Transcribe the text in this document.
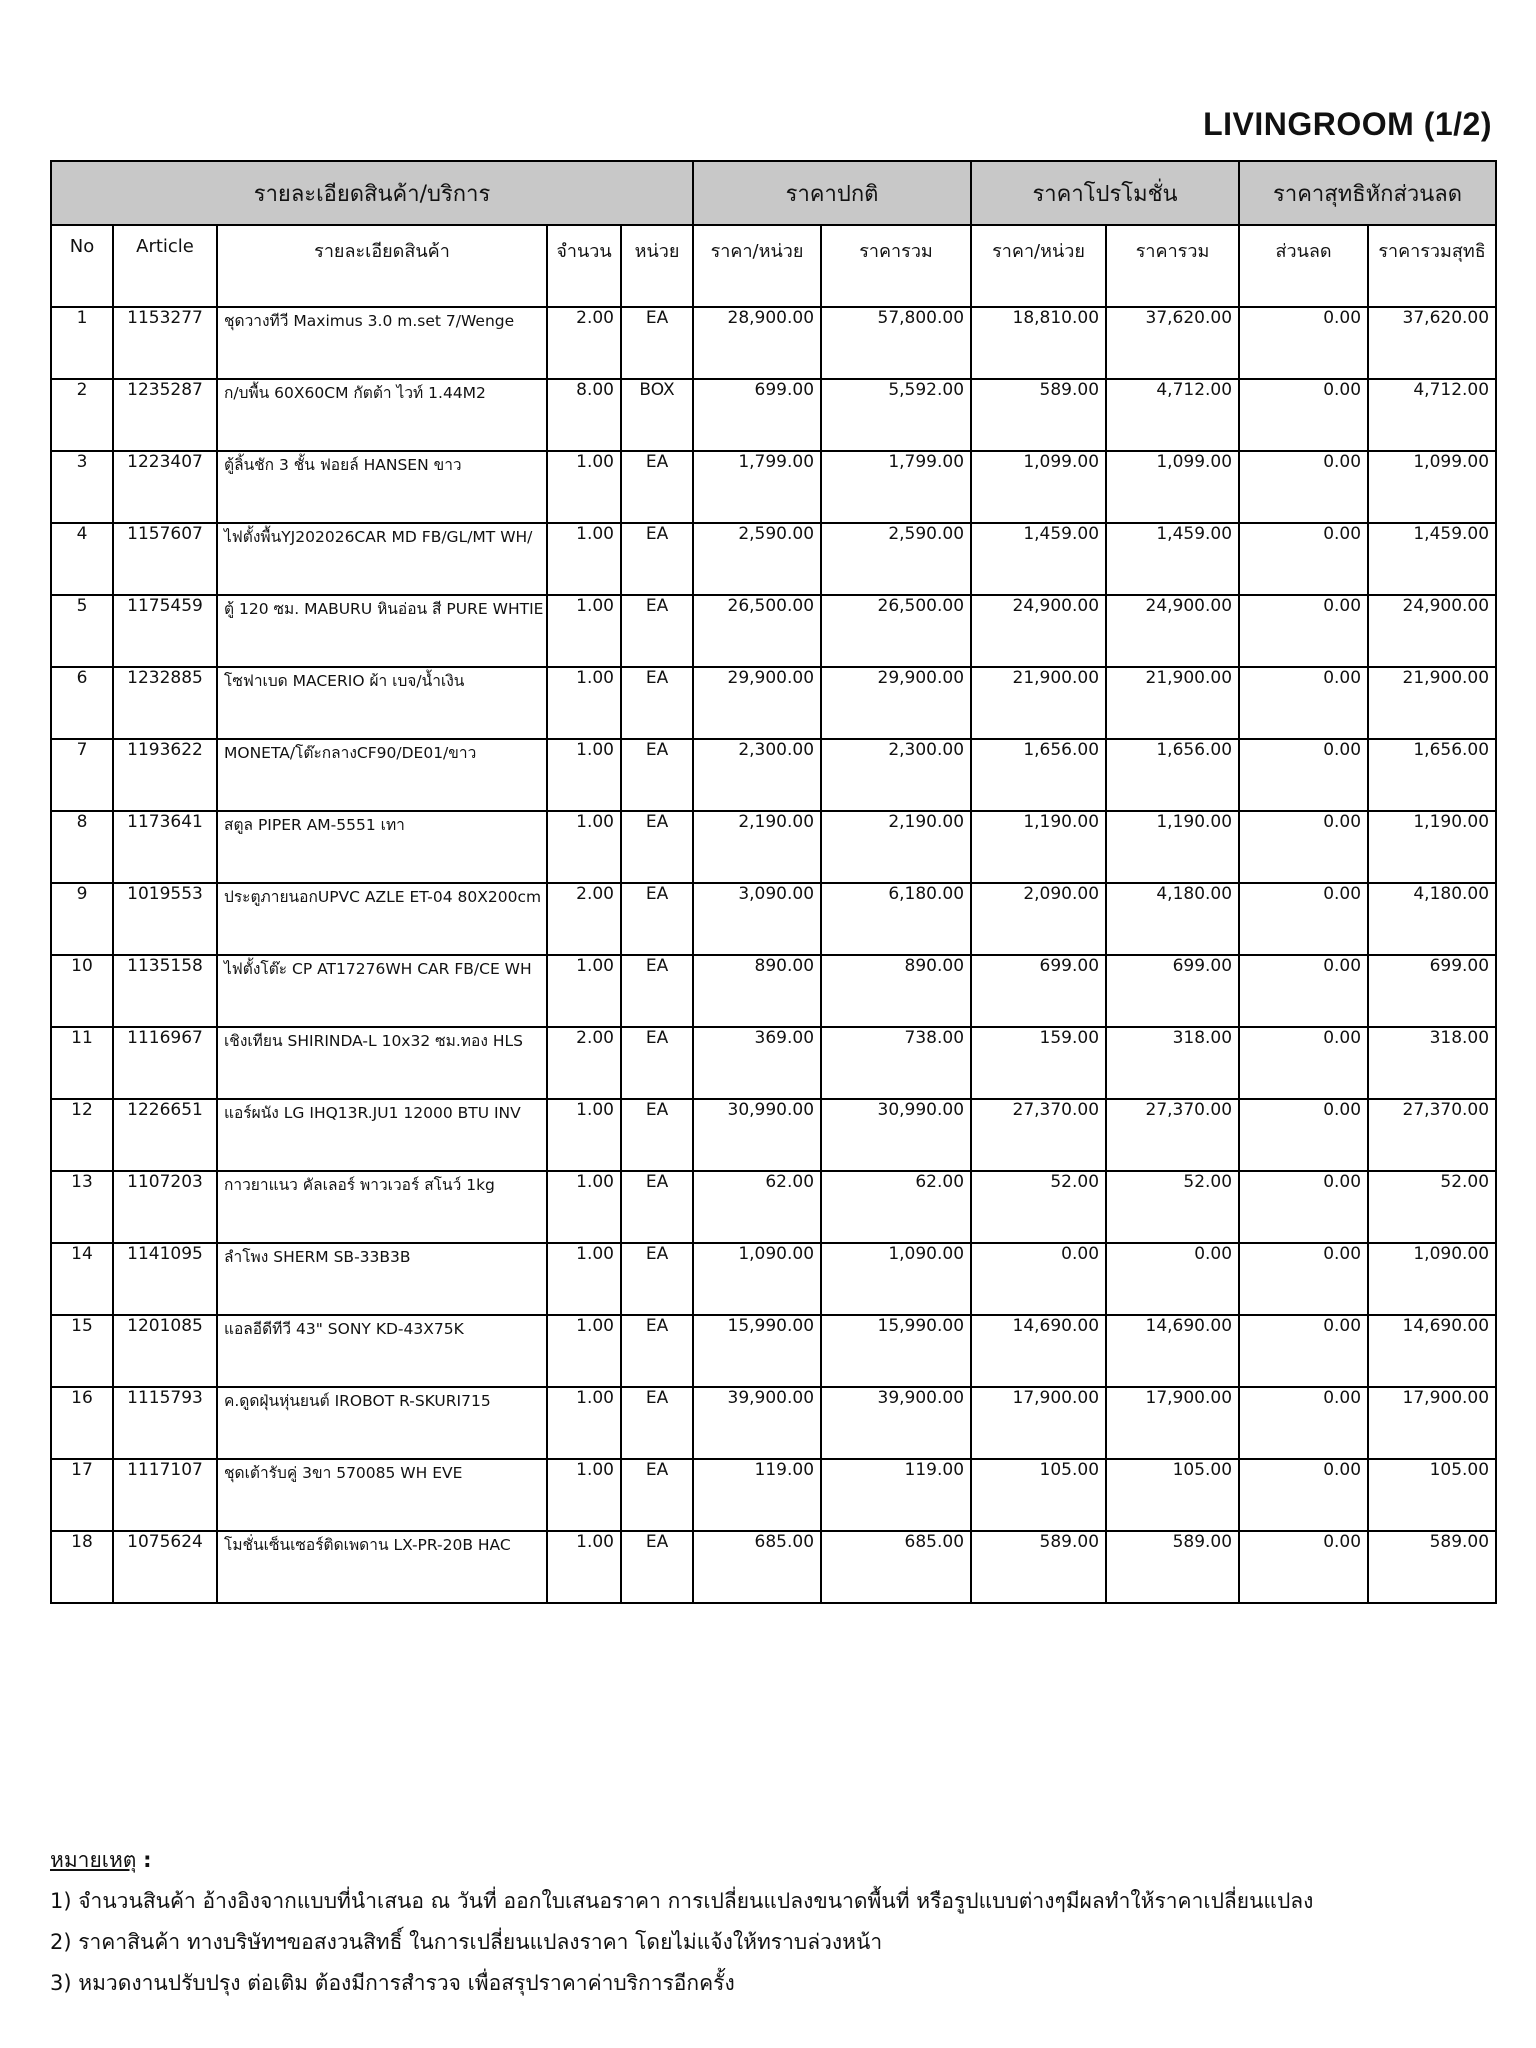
LIVINGROOM (1/2)
รายละเอียดสินค้า/บริการ					ราคาปกติ		ราคาโปรโมชั่น		ราคาสุทธิหักส่วนลด	
No	Article	รายละเอียดสินค้า	จำนวน	หน่วย	ราคา/หน่วย	ราคารวม	ราคา/หน่วย	ราคารวม	ส่วนลด	ราคารวมสุทธิ
1	1153277	ชุดวางทีวี Maximus 3.0 m.set 7/Wenge	2.00	EA	28,900.00	57,800.00	18,810.00	37,620.00	0.00	37,620.00
2	1235287	ก/บพื้น 60X60CM กัตต้า ไวท์ 1.44M2	8.00	BOX	699.00	5,592.00	589.00	4,712.00	0.00	4,712.00
3	1223407	ตู้ลิ้นชัก 3 ชั้น ฟอยล์ HANSEN ขาว	1.00	EA	1,799.00	1,799.00	1,099.00	1,099.00	0.00	1,099.00
4	1157607	ไฟตั้งพื้นYJ202026CAR MD FB/GL/MT WH/	1.00	EA	2,590.00	2,590.00	1,459.00	1,459.00	0.00	1,459.00
5	1175459	ตู้ 120 ซม. MABURU หินอ่อน สี PURE WHTIE	1.00	EA	26,500.00	26,500.00	24,900.00	24,900.00	0.00	24,900.00
6	1232885	โซฟาเบด MACERIO ผ้า เบจ/น้ำเงิน	1.00	EA	29,900.00	29,900.00	21,900.00	21,900.00	0.00	21,900.00
7	1193622	MONETA/โต๊ะกลางCF90/DE01/ขาว	1.00	EA	2,300.00	2,300.00	1,656.00	1,656.00	0.00	1,656.00
8	1173641	สตูล PIPER AM-5551 เทา	1.00	EA	2,190.00	2,190.00	1,190.00	1,190.00	0.00	1,190.00
9	1019553	ประตูภายนอกUPVC AZLE ET-04 80X200cm	2.00	EA	3,090.00	6,180.00	2,090.00	4,180.00	0.00	4,180.00
10	1135158	ไฟตั้งโต๊ะ CP AT17276WH CAR FB/CE WH	1.00	EA	890.00	890.00	699.00	699.00	0.00	699.00
11	1116967	เชิงเทียน SHIRINDA-L 10x32 ซม.ทอง HLS	2.00	EA	369.00	738.00	159.00	318.00	0.00	318.00
12	1226651	แอร์ผนัง LG IHQ13R.JU1 12000 BTU INV	1.00	EA	30,990.00	30,990.00	27,370.00	27,370.00	0.00	27,370.00
13	1107203	กาวยาแนว คัลเลอร์ พาวเวอร์ สโนว์ 1kg	1.00	EA	62.00	62.00	52.00	52.00	0.00	52.00
14	1141095	ลำโพง SHERM SB-33B3B	1.00	EA	1,090.00	1,090.00	0.00	0.00	0.00	1,090.00
15	1201085	แอลอีดีทีวี 43" SONY KD-43X75K	1.00	EA	15,990.00	15,990.00	14,690.00	14,690.00	0.00	14,690.00
16	1115793	ค.ดูดฝุ่นหุ่นยนต์ IROBOT R-SKURI715	1.00	EA	39,900.00	39,900.00	17,900.00	17,900.00	0.00	17,900.00
17	1117107	ชุดเต้ารับคู่ 3ขา 570085 WH EVE	1.00	EA	119.00	119.00	105.00	105.00	0.00	105.00
18	1075624	โมชั่นเซ็นเซอร์ติดเพดาน LX-PR-20B HAC	1.00	EA	685.00	685.00	589.00	589.00	0.00	589.00
หมายเหตุ :
1) จำนวนสินค้า อ้างอิงจากแบบที่นำเสนอ ณ วันที่ ออกใบเสนอราคา การเปลี่ยนแปลงขนาดพื้นที่ หรือรูปแบบต่างๆมีผลทำให้ราคาเปลี่ยนแปลง
2) ราคาสินค้า ทางบริษัทฯขอสงวนสิทธิ์ ในการเปลี่ยนแปลงราคา โดยไม่แจ้งให้ทราบล่วงหน้า
3) หมวดงานปรับปรุง ต่อเติม ต้องมีการสำรวจ เพื่อสรุปราคาค่าบริการอีกครั้ง
